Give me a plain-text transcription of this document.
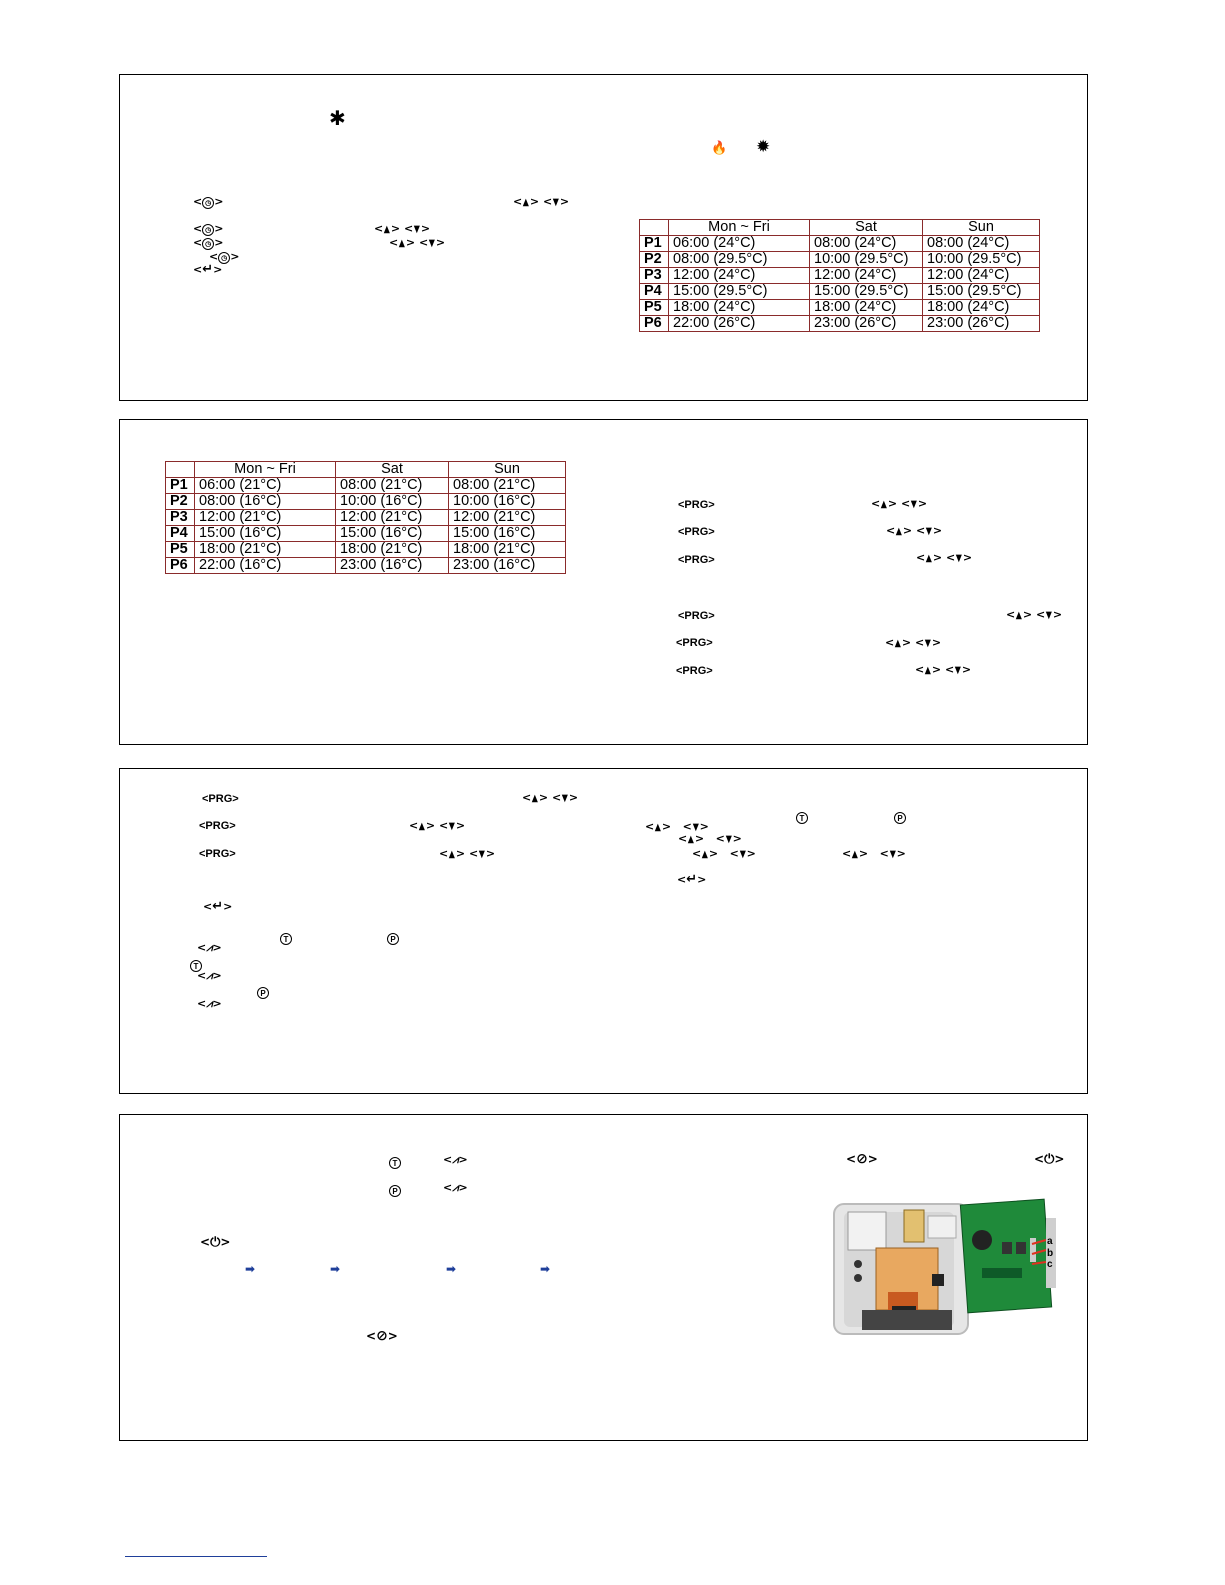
✱
🔥 ✹
< ◷ >	<▲> <▼>
< ◷ >	<▲> <▼>
< ◷ >	<▲> <▼>
< ◷ >
<↵>
	Mon ~ Fri	Sat	Sun
P1	06:00 (24°C)	08:00 (24°C)	08:00 (24°C)
P2	08:00 (29.5°C)	10:00 (29.5°C)	10:00 (29.5°C)
P3	12:00 (24°C)	12:00 (24°C)	12:00 (24°C)
P4	15:00 (29.5°C)	15:00 (29.5°C)	15:00 (29.5°C)
P5	18:00 (24°C)	18:00 (24°C)	18:00 (24°C)
P6	22:00 (26°C)	23:00 (26°C)	23:00 (26°C)
	Mon ~ Fri	Sat	Sun
P1	06:00 (21°C)	08:00 (21°C)	08:00 (21°C)
P2	08:00 (16°C)	10:00 (16°C)	10:00 (16°C)
P3	12:00 (21°C)	12:00 (21°C)	12:00 (21°C)
P4	15:00 (16°C)	15:00 (16°C)	15:00 (16°C)
P5	18:00 (21°C)	18:00 (21°C)	18:00 (21°C)
P6	22:00 (16°C)	23:00 (16°C)	23:00 (16°C)
<PRG>	<▲> <▼>
<PRG>	<▲> <▼>
<PRG>	<▲> <▼>
<PRG>	<▲> <▼>
<PRG>	<▲> <▼>
<PRG>	<▲> <▼>
<PRG>	<▲> <▼>
<PRG>	<▲> <▼>
<PRG>	<▲> <▼>
<↵>
T	P
<⩘>
T
<⩘>
P
<⩘>
T	P
<▲>   <▼>
<▲>   <▼>
<▲>   <▼>	<▲>   <▼>
<↵>
T	<⩘>
P	<⩘>
<⊘>	<⏻>
<⏻>
➡	➡	➡	➡
<⊘>
a
b
c
